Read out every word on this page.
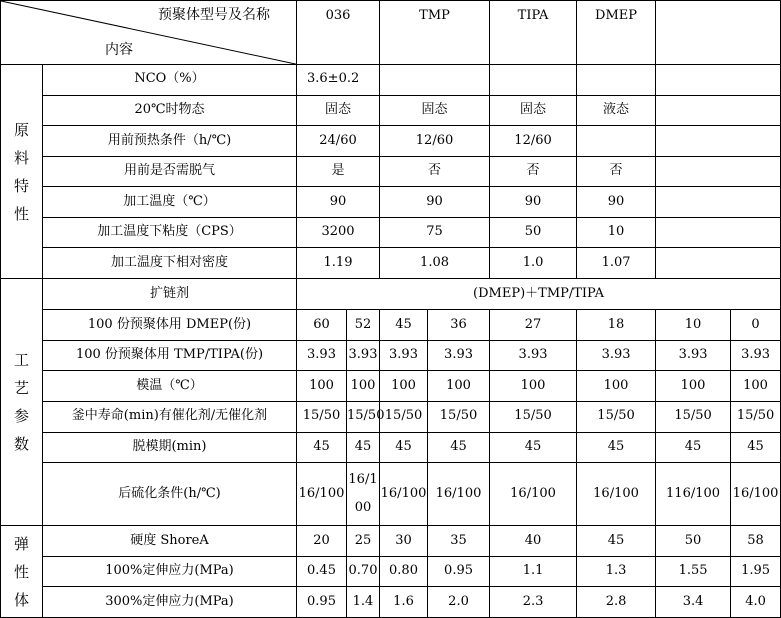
预聚体型号及名称
内容		036		TMP		TIPA	DMEP		

原
料
特
性	NCO（%）	3.6±0.2							
	20℃时物态	固态		固态		固态	液态		
	用前预热条件（h/℃)	24/60		12/60		12/60			
	用前是否需脱气	是		否		否	否		
	加工温度（℃）	90		90		90	90		
	加工温度下粘度（CPS）	3200		75		50	10		
	加工温度下相对密度	1.19		1.08		1.0	1.07		

工
艺
参
数	扩链剂	(DMEP)＋TMP/TIPA							
	100 份预聚体用 DMEP(份)	60	52	45	36	27	18	10	0
	100 份预聚体用 TMP/TIPA(份)	3.93	3.93	3.93	3.93	3.93	3.93	3.93	3.93
	模温（℃）	100	100	100	100	100	100	100	100
	釜中寿命(min)有催化剂/无催化剂	15/50	15/50	15/50	15/50	15/50	15/50	15/50	15/50
	脱模期(min)	45	45	45	45	45	45	45	45
	后硫化条件(h/℃)	16/100	16/100	16/100	16/100	16/100	16/100	116/100	16/100

弹
性
体	硬度 ShoreA	20	25	30	35	40	45	50	58
	100%定伸应力(MPa)	0.45	0.70	0.80	0.95	1.1	1.3	1.55	1.95
	300%定伸应力(MPa)	0.95	1.4	1.6	2.0	2.3	2.8	3.4	4.0
